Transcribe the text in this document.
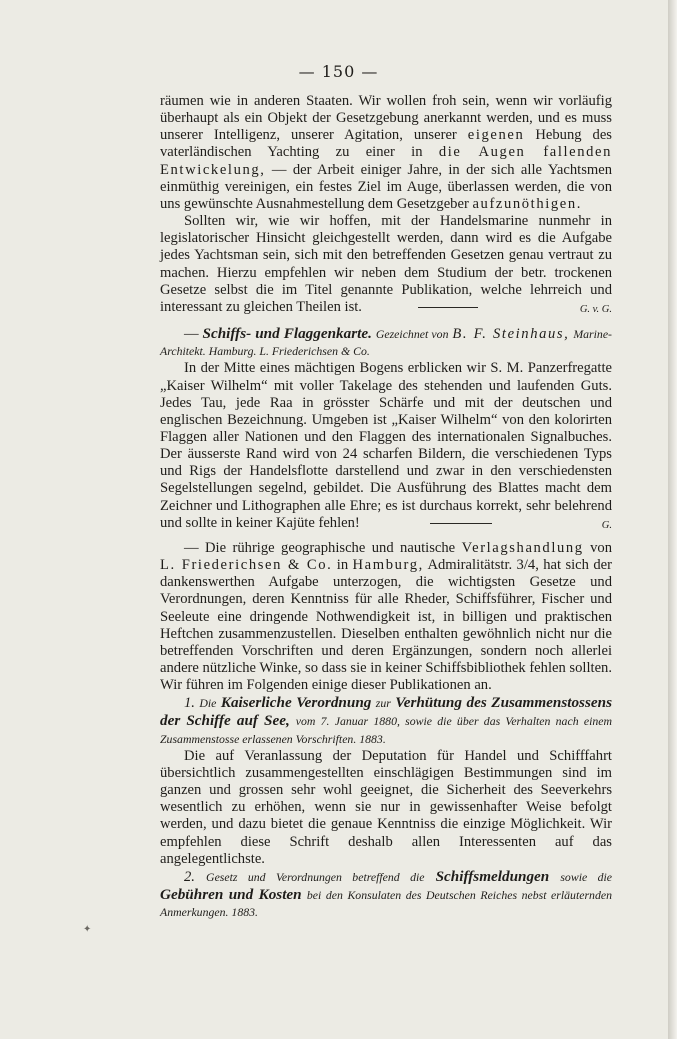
— 150 —

räumen wie in anderen Staaten. Wir wollen froh sein, wenn wir vorläufig überhaupt als ein Objekt der Gesetzgebung anerkannt werden, und es muss unserer Intelligenz, unserer Agitation, unserer eigenen Hebung des vaterländischen Yachting zu einer in die Augen fallenden Entwickelung, — der Arbeit einiger Jahre, in der sich alle Yachtsmen einmüthig vereinigen, ein festes Ziel im Auge, überlassen werden, die von uns gewünschte Ausnahmestellung dem Gesetzgeber aufzunöthigen.

Sollten wir, wie wir hoffen, mit der Handelsmarine nunmehr in legislatorischer Hinsicht gleichgestellt werden, dann wird es die Aufgabe jedes Yachtsman sein, sich mit den betreffenden Gesetzen genau vertraut zu machen. Hierzu empfehlen wir neben dem Studium der betr. trockenen Gesetze selbst die im Titel genannte Publikation, welche lehrreich und interessant zu gleichen Theilen ist.	G. v. G.

— Schiffs- und Flaggenkarte. Gezeichnet von B. F. Steinhaus, Marine-Architekt. Hamburg. L. Friederichsen & Co.

In der Mitte eines mächtigen Bogens erblicken wir S. M. Panzerfregatte „Kaiser Wilhelm“ mit voller Takelage des stehenden und laufenden Guts. Jedes Tau, jede Raa in grösster Schärfe und mit der deutschen und englischen Bezeichnung. Umgeben ist „Kaiser Wilhelm“ von den kolorirten Flaggen aller Nationen und den Flaggen des internationalen Signalbuches. Der äusserste Rand wird von 24 scharfen Bildern, die verschiedenen Typs und Rigs der Handelsflotte darstellend und zwar in den verschiedensten Segelstellungen segelnd, gebildet. Die Ausführung des Blattes macht dem Zeichner und Lithographen alle Ehre; es ist durchaus korrekt, sehr belehrend und sollte in keiner Kajüte fehlen!	G.

— Die rührige geographische und nautische Verlagshandlung von L. Friederichsen & Co. in Hamburg, Admiralitätstr. 3/4, hat sich der dankenswerthen Aufgabe unterzogen, die wichtigsten Gesetze und Verordnungen, deren Kenntniss für alle Rheder, Schiffsführer, Fischer und Seeleute eine dringende Nothwendigkeit ist, in billigen und praktischen Heftchen zusammenzustellen. Dieselben enthalten gewöhnlich nicht nur die betreffenden Vorschriften und deren Ergänzungen, sondern noch allerlei andere nützliche Winke, so dass sie in keiner Schiffsbibliothek fehlen sollten. Wir führen im Folgenden einige dieser Publikationen an.

1. Die Kaiserliche Verordnung zur Verhütung des Zusammenstossens der Schiffe auf See, vom 7. Januar 1880, sowie die über das Verhalten nach einem Zusammenstosse erlassenen Vorschriften. 1883.

Die auf Veranlassung der Deputation für Handel und Schifffahrt übersichtlich zusammengestellten einschlägigen Bestimmungen sind im ganzen und grossen sehr wohl geeignet, die Sicherheit des Seeverkehrs wesentlich zu erhöhen, wenn sie nur in gewissenhafter Weise befolgt werden, und dazu bietet die genaue Kenntniss die einzige Möglichkeit. Wir empfehlen diese Schrift deshalb allen Interessenten auf das angelegentlichste.

2. Gesetz und Verordnungen betreffend die Schiffsmeldungen sowie die Gebühren und Kosten bei den Konsulaten des Deutschen Reiches nebst erläuternden Anmerkungen. 1883.

✦
